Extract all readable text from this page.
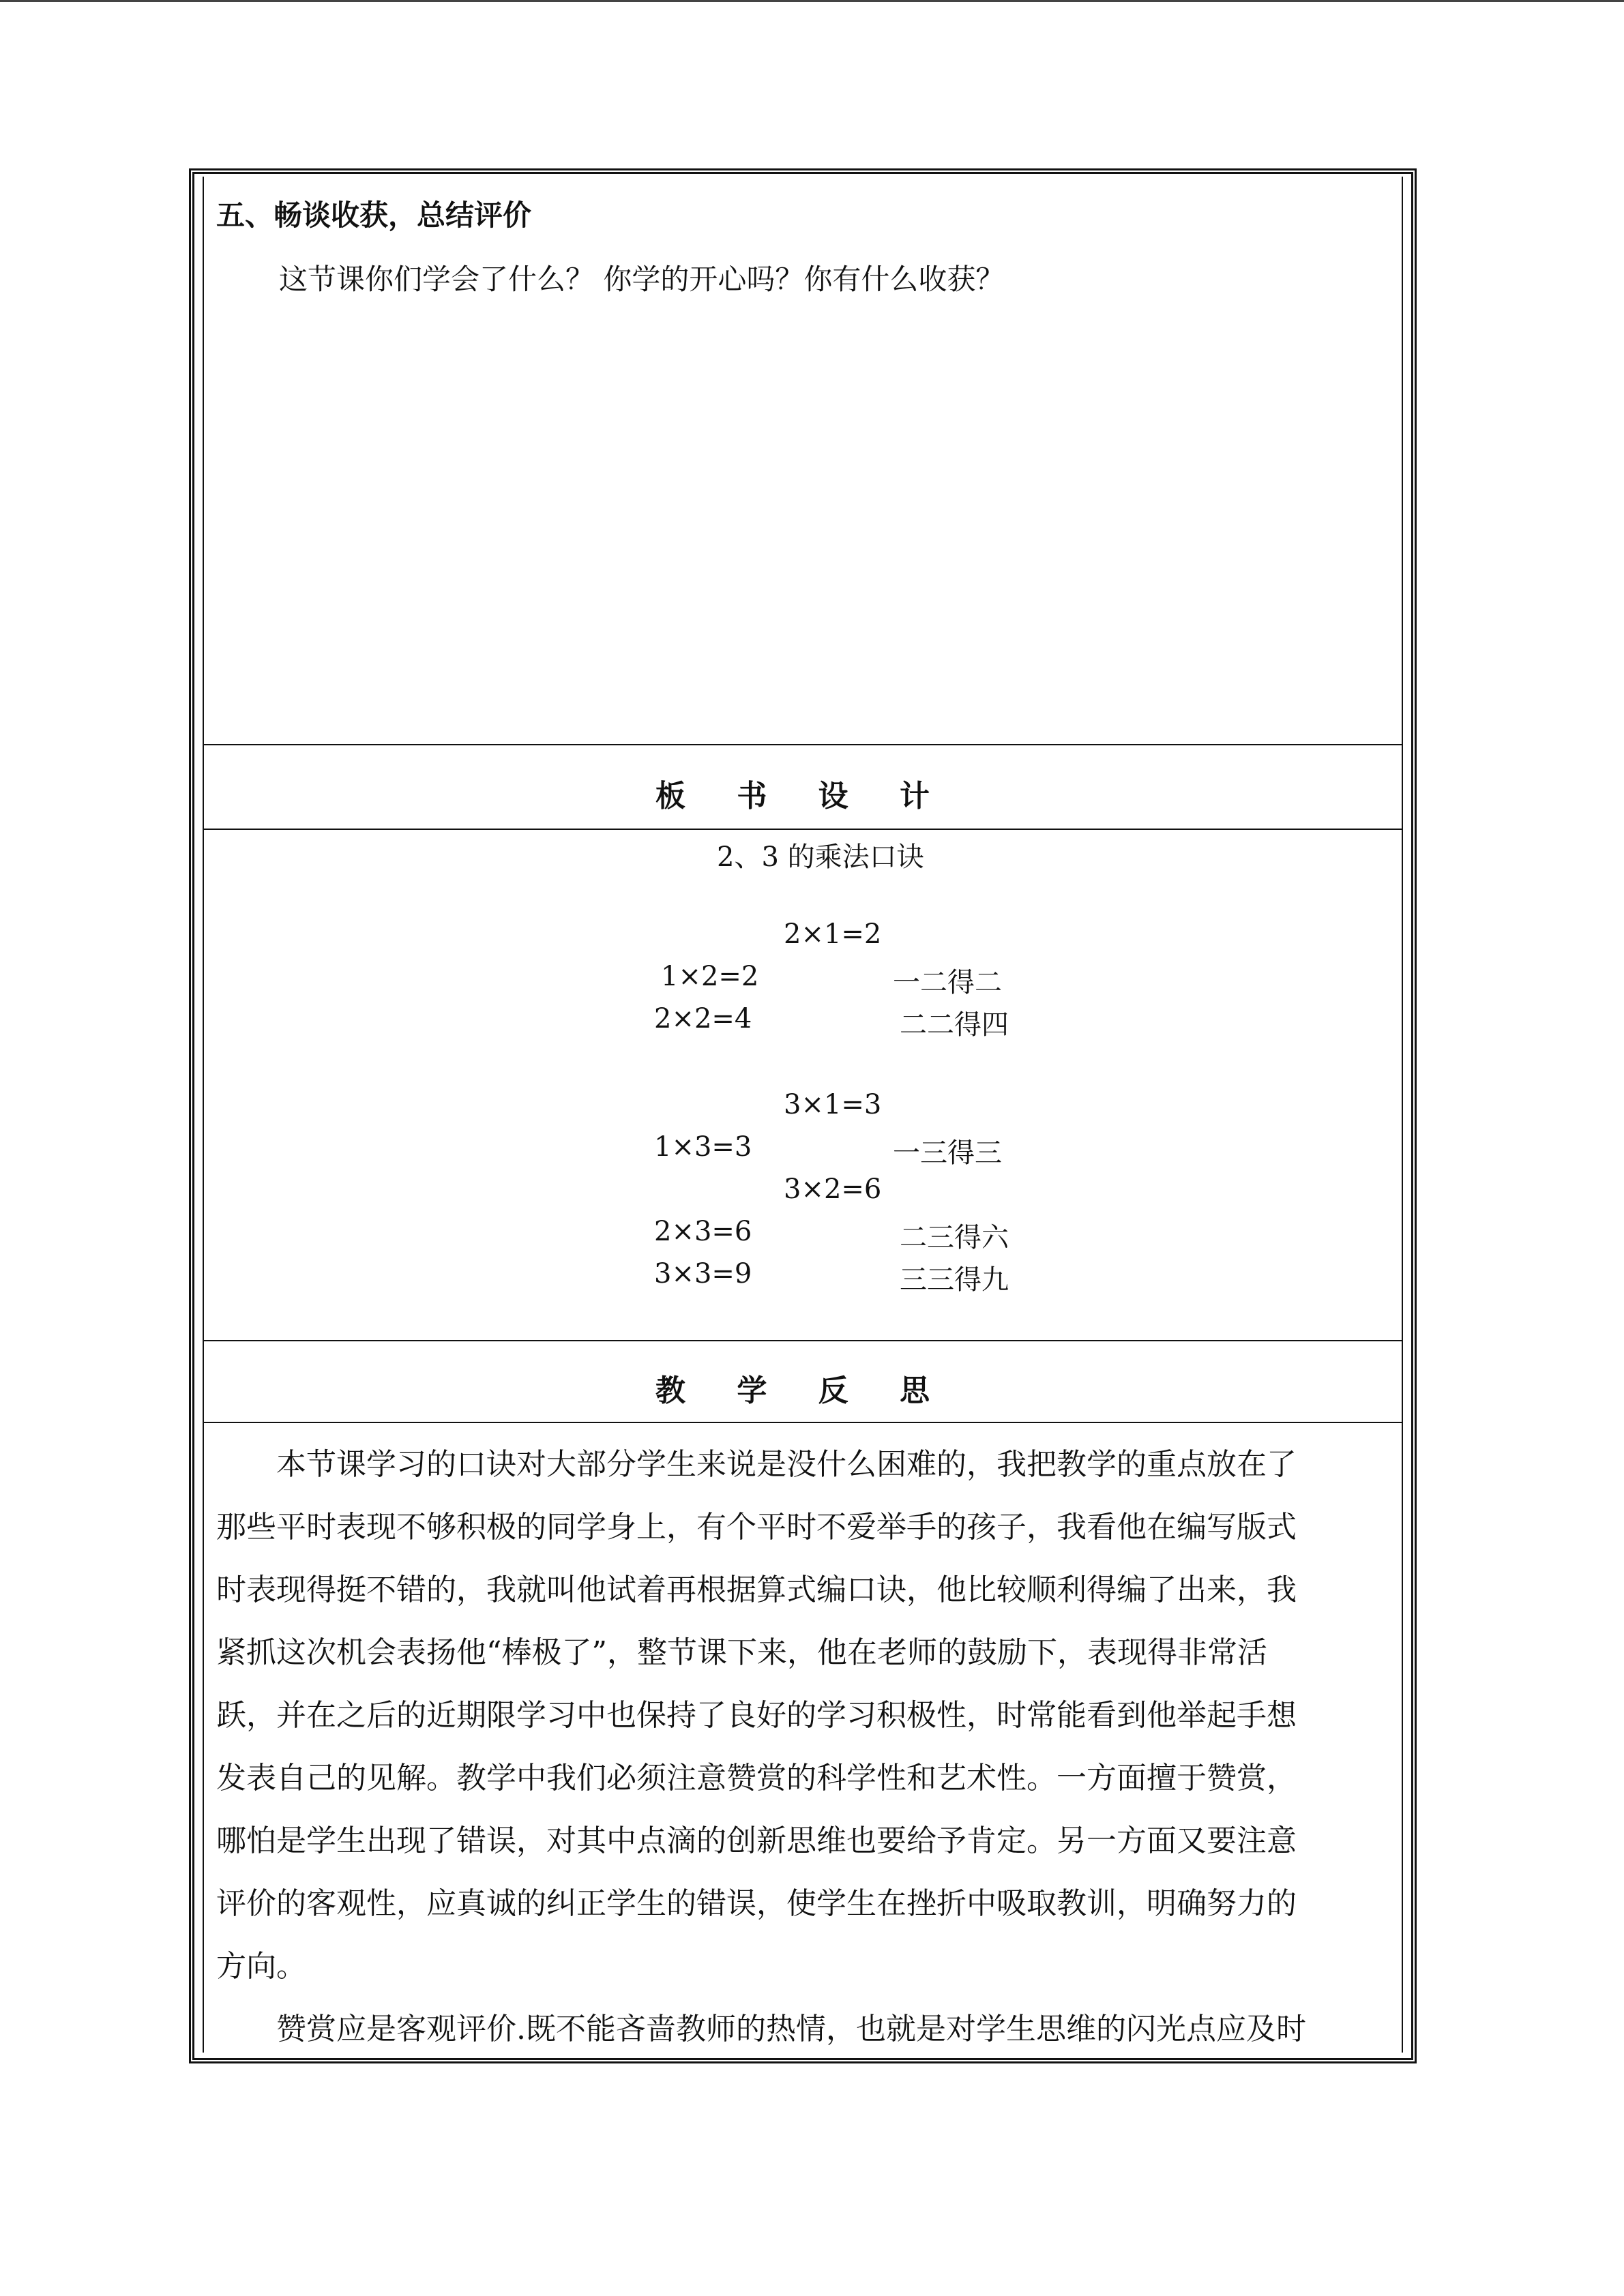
五、畅谈收获，总结评价
这节课你们学会了什么？ 你学的开心吗？你有什么收获？
板 书 设 计
2、3 的乘法口诀
2×1=2
1×2=2	一二得二
2×2=4	二二得四
3×1=3
1×3=3	一三得三
3×2=6
2×3=6	二三得六
3×3=9	三三得九
教 学 反 思
　　本节课学习的口诀对大部分学生来说是没什么困难的，我把教学的重点放在了
那些平时表现不够积极的同学身上，有个平时不爱举手的孩子，我看他在编写版式
时表现得挺不错的，我就叫他试着再根据算式编口诀，他比较顺利得编了出来，我
紧抓这次机会表扬他“棒极了”，整节课下来，他在老师的鼓励下，表现得非常活
跃，并在之后的近期限学习中也保持了良好的学习积极性，时常能看到他举起手想
发表自己的见解。教学中我们必须注意赞赏的科学性和艺术性。一方面擅于赞赏，
哪怕是学生出现了错误，对其中点滴的创新思维也要给予肯定。另一方面又要注意
评价的客观性，应真诚的纠正学生的错误，使学生在挫折中吸取教训，明确努力的
方向。
　　赞赏应是客观评价.既不能吝啬教师的热情，也就是对学生思维的闪光点应及时
